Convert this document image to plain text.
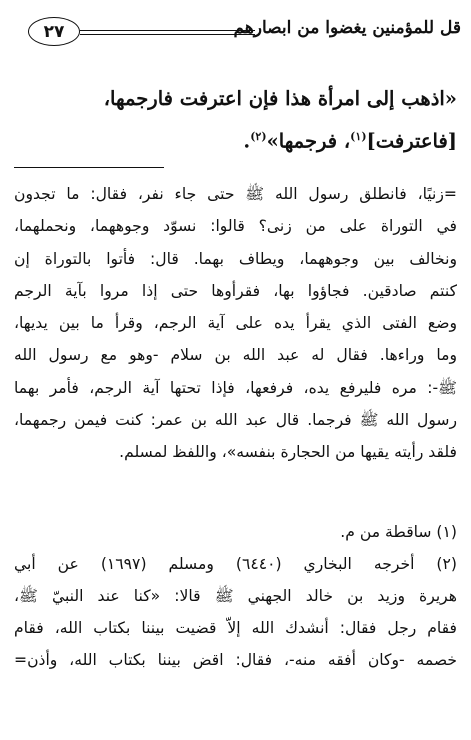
قل للمؤمنين يغضوا من ابصارهم
٢٧
«اذهب إلى امرأة هذا فإن اعترفت فارجمها،
[فاعترفت]$^{(١)}$، فرجمها»$^{(٢)}$.
=زنيًا، فانطلق رسول الله ﷺ حتى جاء نفر، فقال: ما تجدون
في التوراة على من زنى؟ قالوا: نسوّد وجوههما، ونحملهما،
ونخالف بين وجوههما، ويطاف بهما. قال: فأتوا بالتوراة إن
كنتم صادقين. فجاؤوا بها، فقرأوها حتى إذا مروا بآية الرجم
وضع الفتى الذي يقرأ يده على آية الرجم، وقرأ ما بين يديها،
وما وراءها. فقال له عبد الله بن سلام -وهو مع رسول الله
ﷺ-: مره فليرفع يده، فرفعها، فإذا تحتها آية الرجم، فأمر بهما
رسول الله ﷺ فرجما. قال عبد الله بن عمر: كنت فيمن رجمهما،
فلقد رأيته يقيها من الحجارة بنفسه»، واللفظ لمسلم.
(١) ساقطة من م.
(٢) أخرجه البخاري (٦٤٤٠) ومسلم (١٦٩٧) عن أبي
هريرة وزيد بن خالد الجهني ﷺ قالا: «كنا عند النبيّ ﷺ،
فقام رجل فقال: أنشدك الله إلاّ قضيت بيننا بكتاب الله، فقام
خصمه -وكان أفقه منه-، فقال: اقض بيننا بكتاب الله، وأذن=
